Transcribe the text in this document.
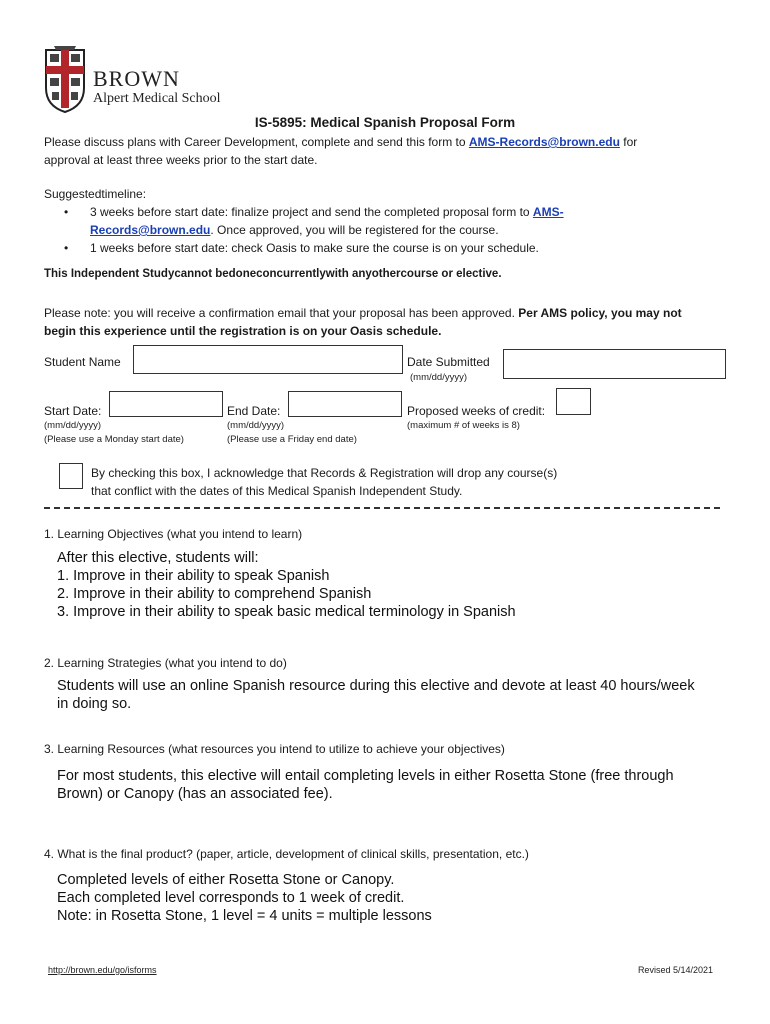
BROWN
Alpert Medical School
IS-5895: Medical Spanish Proposal Form
Please discuss plans with Career Development, complete and send this form to AMS-Records@brown.edu for
approval at least three weeks prior to the start date.
Suggestedtimeline:
•	3 weeks before start date: finalize project and send the completed proposal form to AMS-
Records@brown.edu. Once approved, you will be registered for the course.
•	1 weeks before start date: check Oasis to make sure the course is on your schedule.
This Independent Studycannot bedoneconcurrentlywith anyothercourse or elective.
Please note: you will receive a confirmation email that your proposal has been approved. Per AMS policy, you may not
begin this experience until the registration is on your Oasis schedule.
Student Name	Date Submitted
(mm/dd/yyyy)
Start Date:
(mm/dd/yyyy)
(Please use a Monday start date)
End Date:
(mm/dd/yyyy)
(Please use a Friday end date)
Proposed weeks of credit:
(maximum # of weeks is 8)
By checking this box, I acknowledge that Records & Registration will drop any course(s)
that conflict with the dates of this Medical Spanish Independent Study.
1. Learning Objectives (what you intend to learn)
After this elective, students will:
1. Improve in their ability to speak Spanish
2. Improve in their ability to comprehend Spanish
3. Improve in their ability to speak basic medical terminology in Spanish
2. Learning Strategies (what you intend to do)
Students will use an online Spanish resource during this elective and devote at least 40 hours/week
in doing so.
3. Learning Resources (what resources you intend to utilize to achieve your objectives)
For most students, this elective will entail completing levels in either Rosetta Stone (free through
Brown) or Canopy (has an associated fee).
4. What is the final product? (paper, article, development of clinical skills, presentation, etc.)
Completed levels of either Rosetta Stone or Canopy.
Each completed level corresponds to 1 week of credit.
Note: in Rosetta Stone, 1 level = 4 units = multiple lessons
http://brown.edu/go/isforms	Revised 5/14/2021
